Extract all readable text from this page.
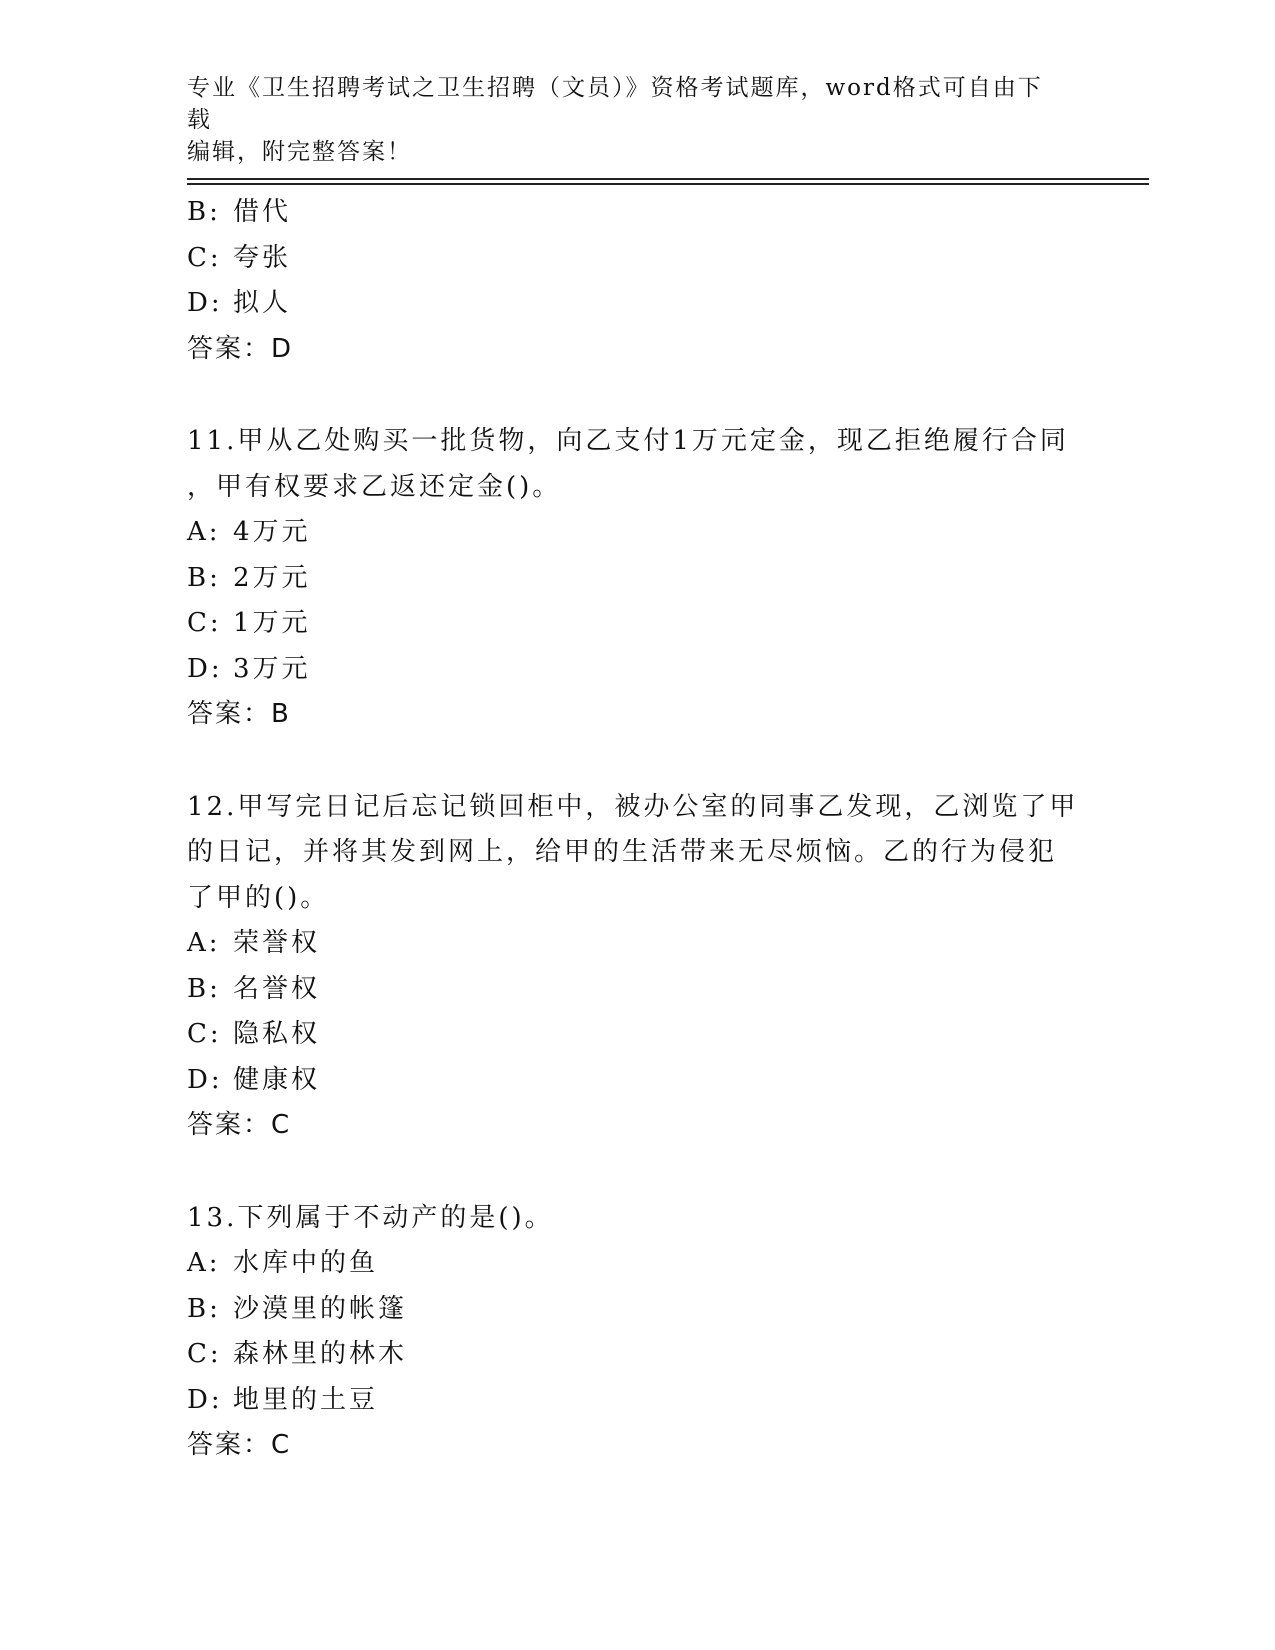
专业《卫生招聘考试之卫生招聘（文员）》资格考试题库，word格式可自由下载
编辑，附完整答案！
B: 借代
C: 夸张
D: 拟人
答案：D
11.甲从乙处购买一批货物，向乙支付1万元定金，现乙拒绝履行合同
，甲有权要求乙返还定金()。
A: 4万元
B: 2万元
C: 1万元
D: 3万元
答案：B
12.甲写完日记后忘记锁回柜中，被办公室的同事乙发现，乙浏览了甲
的日记，并将其发到网上，给甲的生活带来无尽烦恼。乙的行为侵犯
了甲的()。
A: 荣誉权
B: 名誉权
C: 隐私权
D: 健康权
答案：C
13.下列属于不动产的是()。
A: 水库中的鱼
B: 沙漠里的帐篷
C: 森林里的林木
D: 地里的土豆
答案：C
